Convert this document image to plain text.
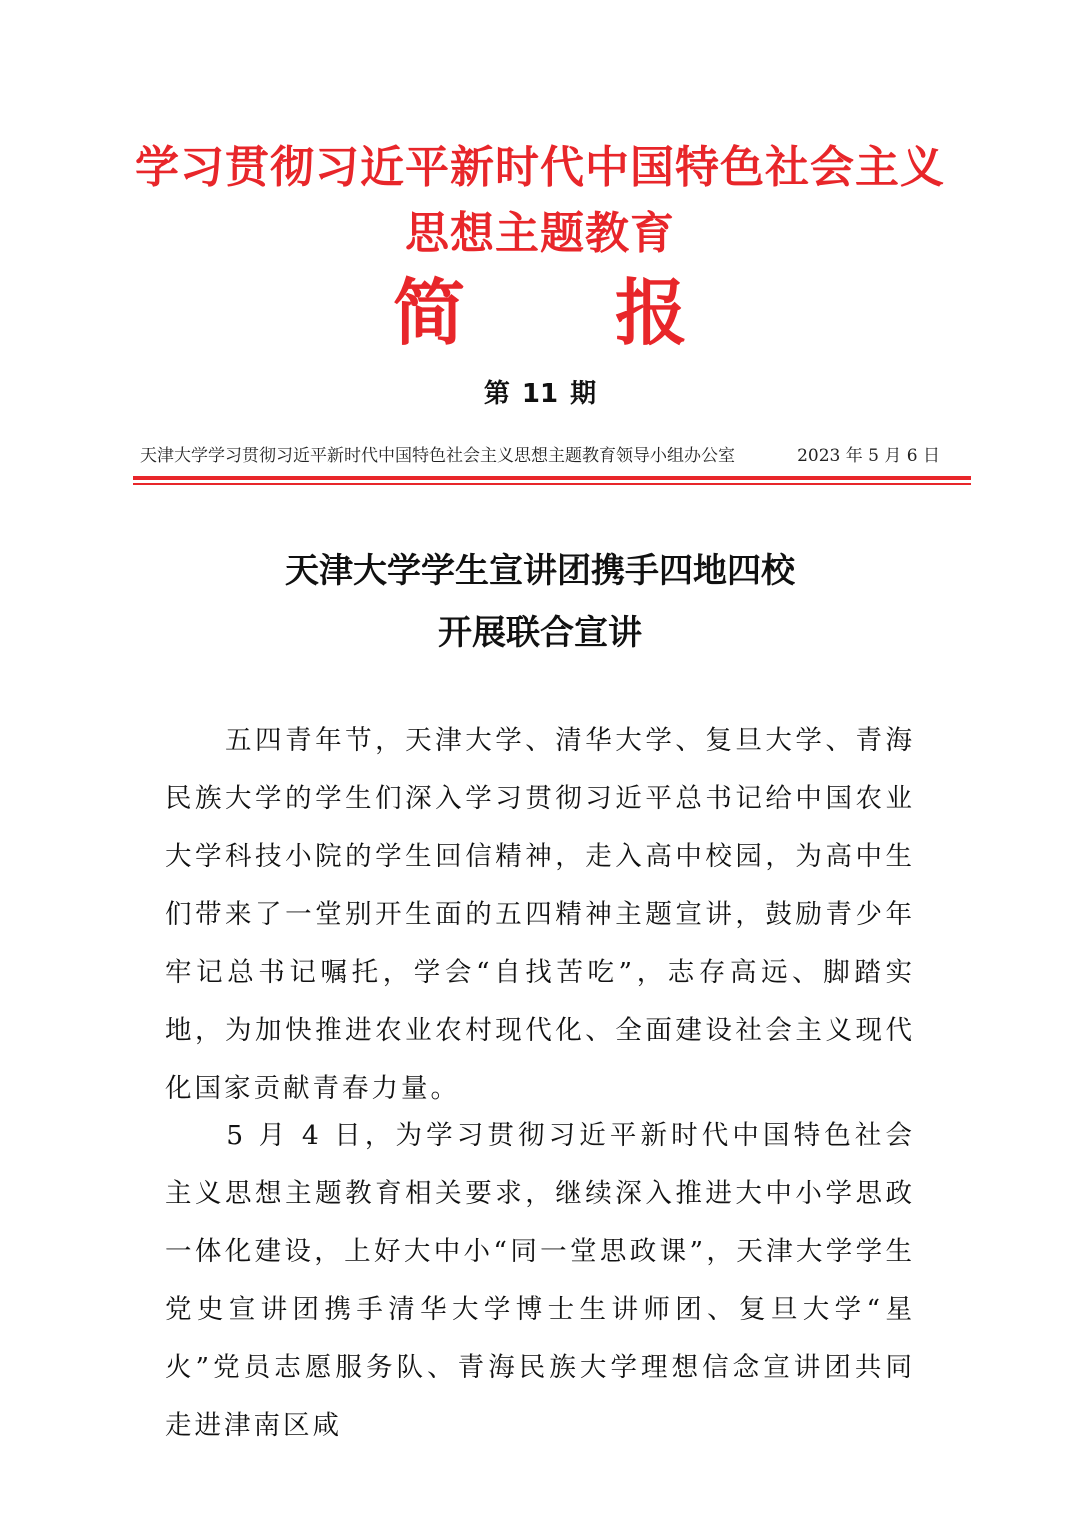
学习贯彻习近平新时代中国特色社会主义
思想主题教育
简 报
第 11 期
天津大学学习贯彻习近平新时代中国特色社会主义思想主题教育领导小组办公室	2023 年 5 月 6 日
天津大学学生宣讲团携手四地四校
开展联合宣讲

　　五四青年节，天津大学、清华大学、复旦大学、青海民族大学的学生们深入学习贯彻习近平总书记给中国农业大学科技小院的学生回信精神，走入高中校园，为高中生们带来了一堂别开生面的五四精神主题宣讲，鼓励青少年牢记总书记嘱托，学会“自找苦吃”，志存高远、脚踏实地，为加快推进农业农村现代化、全面建设社会主义现代化国家贡献青春力量。

　　5 月 4 日，为学习贯彻习近平新时代中国特色社会主义思想主题教育相关要求，继续深入推进大中小学思政一体化建设，上好大中小“同一堂思政课”，天津大学学生党史宣讲团携手清华大学博士生讲师团、复旦大学“星火”党员志愿服务队、青海民族大学理想信念宣讲团共同走进津南区咸
